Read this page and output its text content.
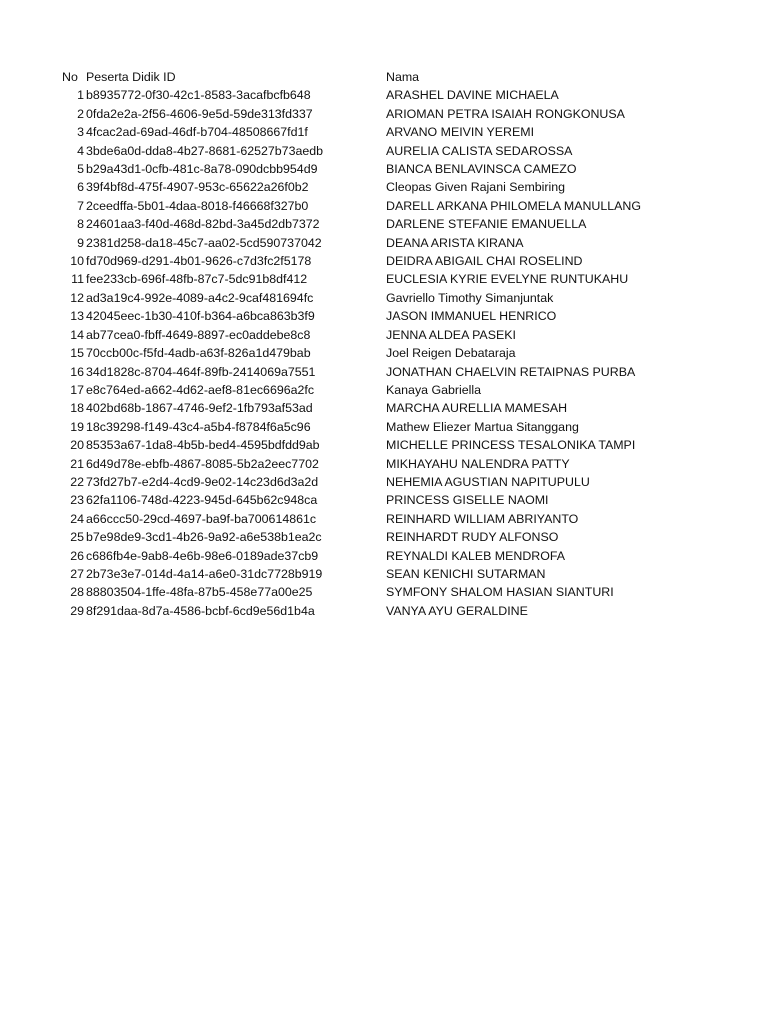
No	Peserta Didik ID	Nama
1	b8935772-0f30-42c1-8583-3acafbcfb648	ARASHEL DAVINE MICHAELA
2	0fda2e2a-2f56-4606-9e5d-59de313fd337	ARIOMAN PETRA ISAIAH RONGKONUSA
3	4fcac2ad-69ad-46df-b704-48508667fd1f	ARVANO MEIVIN YEREMI
4	3bde6a0d-dda8-4b27-8681-62527b73aedb	AURELIA CALISTA SEDAROSSA
5	b29a43d1-0cfb-481c-8a78-090dcbb954d9	BIANCA BENLAVINSCA CAMEZO
6	39f4bf8d-475f-4907-953c-65622a26f0b2	Cleopas Given Rajani Sembiring
7	2ceedffa-5b01-4daa-8018-f46668f327b0	DARELL ARKANA PHILOMELA MANULLANG
8	24601aa3-f40d-468d-82bd-3a45d2db7372	DARLENE STEFANIE EMANUELLA
9	2381d258-da18-45c7-aa02-5cd590737042	DEANA ARISTA KIRANA
10	fd70d969-d291-4b01-9626-c7d3fc2f5178	DEIDRA ABIGAIL CHAI ROSELIND
11	fee233cb-696f-48fb-87c7-5dc91b8df412	EUCLESIA KYRIE EVELYNE RUNTUKAHU
12	ad3a19c4-992e-4089-a4c2-9caf481694fc	Gavriello Timothy Simanjuntak
13	42045eec-1b30-410f-b364-a6bca863b3f9	JASON IMMANUEL HENRICO
14	ab77cea0-fbff-4649-8897-ec0addebe8c8	JENNA ALDEA PASEKI
15	70ccb00c-f5fd-4adb-a63f-826a1d479bab	Joel Reigen Debataraja
16	34d1828c-8704-464f-89fb-2414069a7551	JONATHAN CHAELVIN RETAIPNAS PURBA
17	e8c764ed-a662-4d62-aef8-81ec6696a2fc	Kanaya Gabriella
18	402bd68b-1867-4746-9ef2-1fb793af53ad	MARCHA AURELLIA MAMESAH
19	18c39298-f149-43c4-a5b4-f8784f6a5c96	Mathew Eliezer Martua Sitanggang
20	85353a67-1da8-4b5b-bed4-4595bdfdd9ab	MICHELLE PRINCESS TESALONIKA TAMPI
21	6d49d78e-ebfb-4867-8085-5b2a2eec7702	MIKHAYAHU NALENDRA PATTY
22	73fd27b7-e2d4-4cd9-9e02-14c23d6d3a2d	NEHEMIA AGUSTIAN NAPITUPULU
23	62fa1106-748d-4223-945d-645b62c948ca	PRINCESS GISELLE NAOMI
24	a66ccc50-29cd-4697-ba9f-ba700614861c	REINHARD WILLIAM ABRIYANTO
25	b7e98de9-3cd1-4b26-9a92-a6e538b1ea2c	REINHARDT RUDY ALFONSO
26	c686fb4e-9ab8-4e6b-98e6-0189ade37cb9	REYNALDI KALEB MENDROFA
27	2b73e3e7-014d-4a14-a6e0-31dc7728b919	SEAN KENICHI SUTARMAN
28	88803504-1ffe-48fa-87b5-458e77a00e25	SYMFONY SHALOM HASIAN SIANTURI
29	8f291daa-8d7a-4586-bcbf-6cd9e56d1b4a	VANYA AYU GERALDINE
